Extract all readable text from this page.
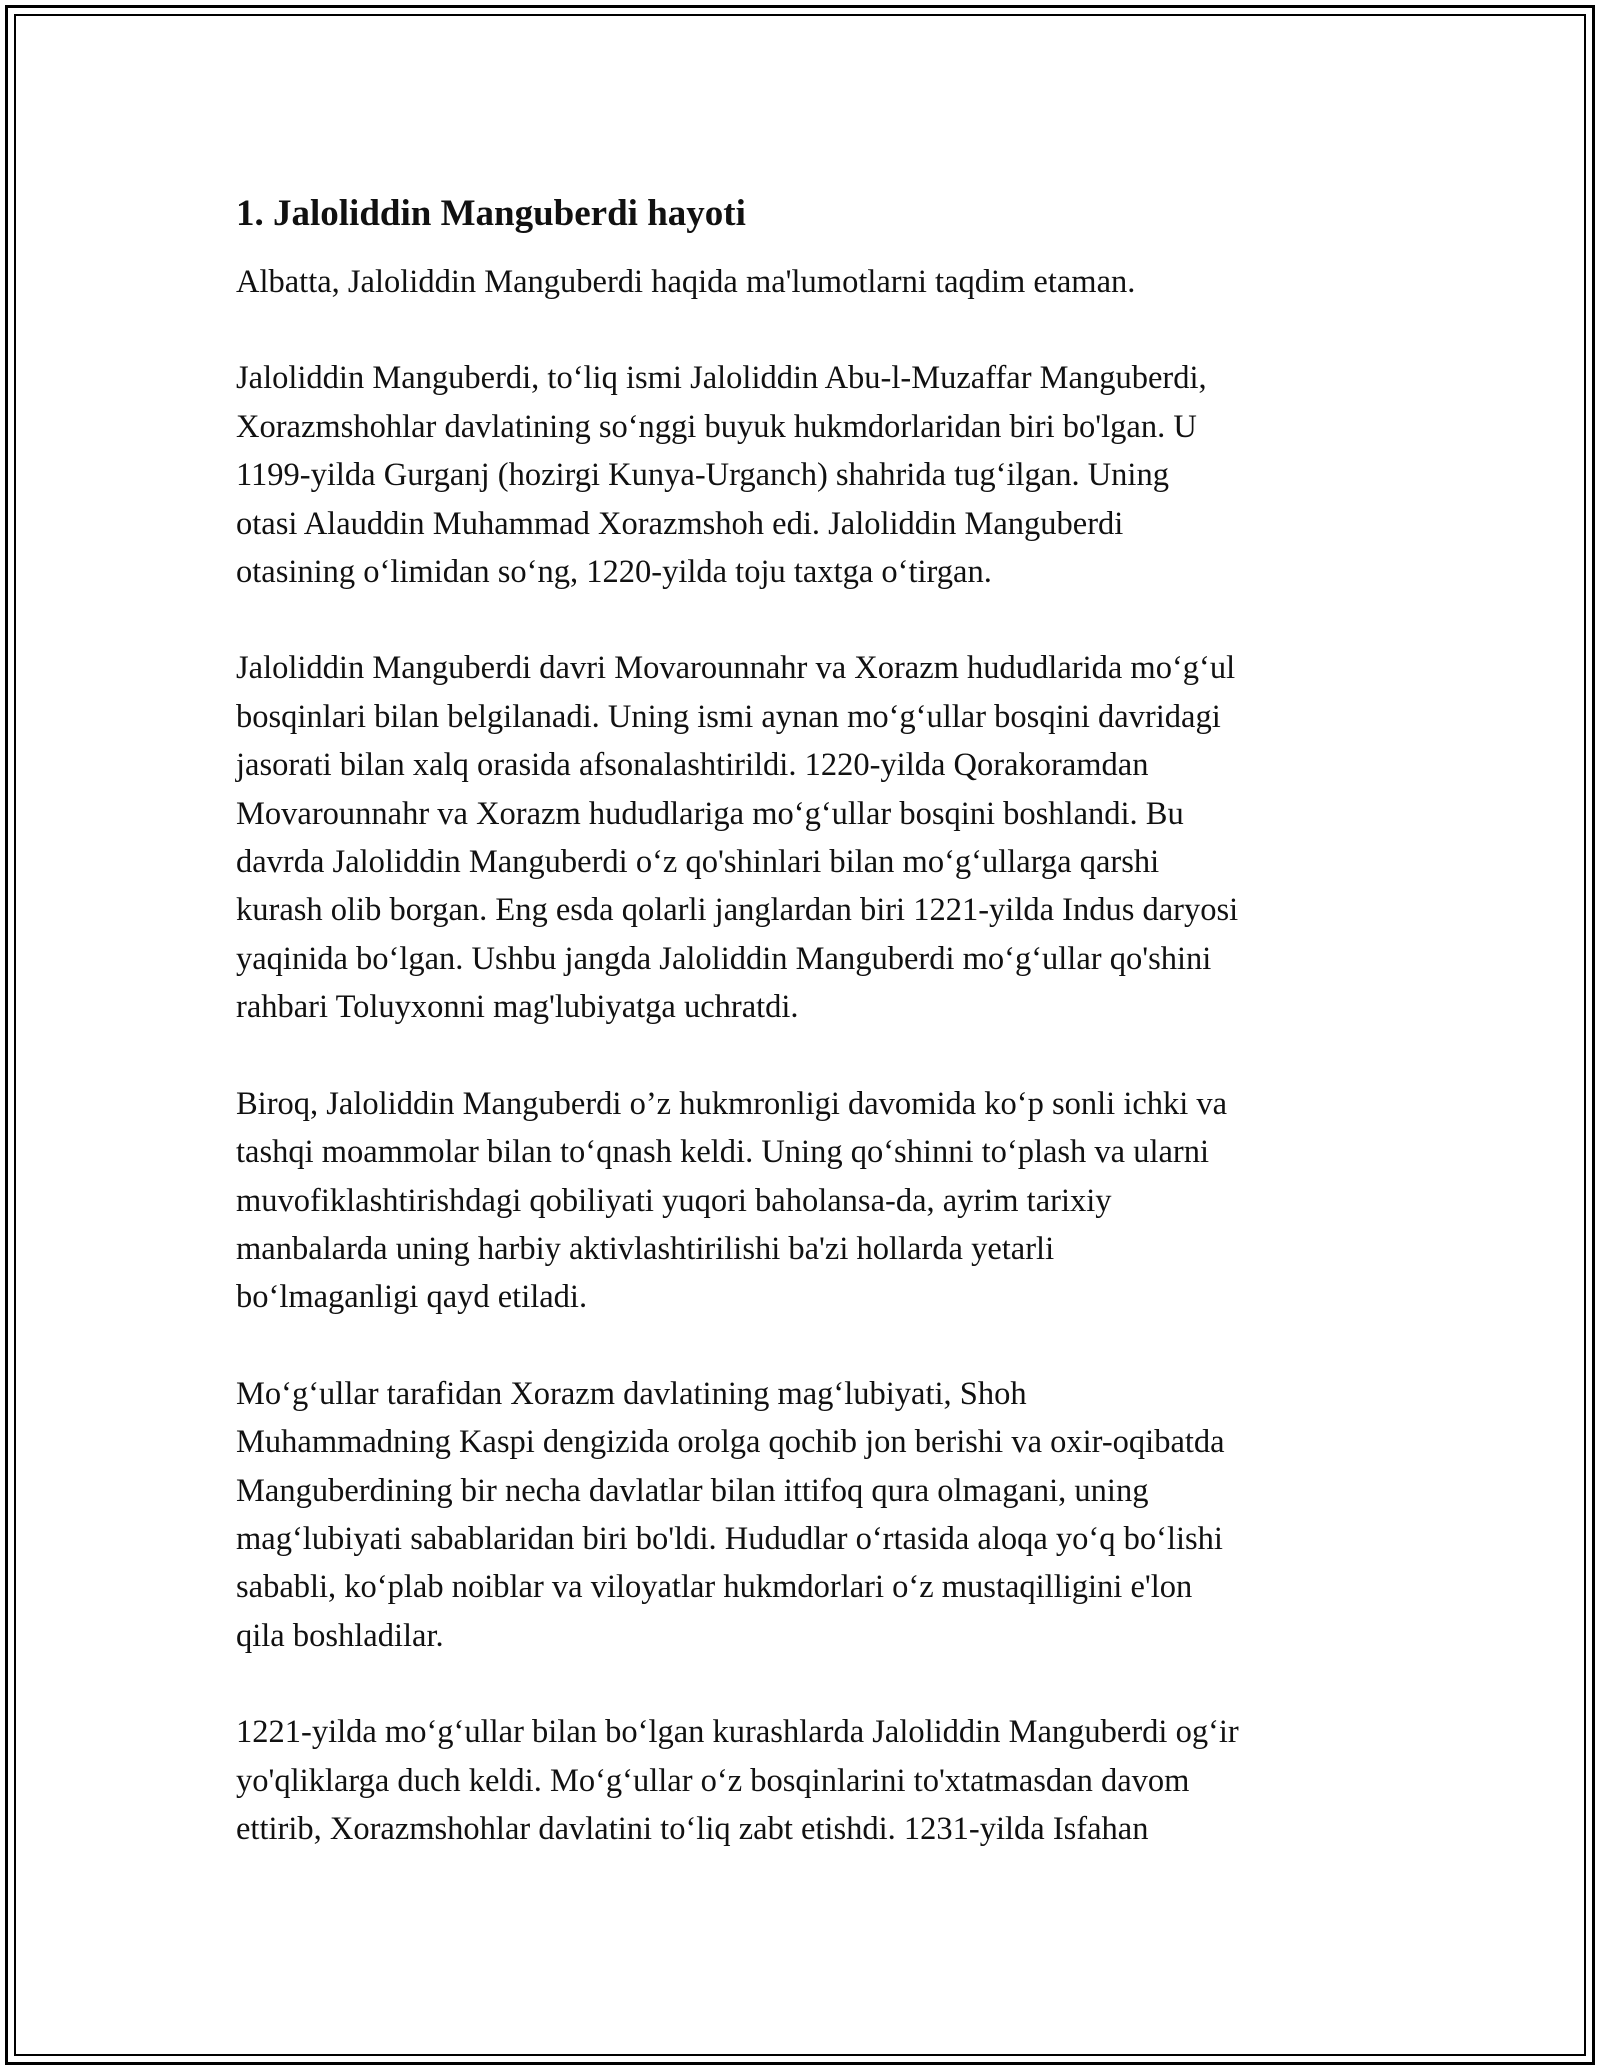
1. Jaloliddin Manguberdi hayoti
Albatta, Jaloliddin Manguberdi haqida ma'lumotlarni taqdim etaman.
Jaloliddin Manguberdi, to‘liq ismi Jaloliddin Abu-l-Muzaffar Manguberdi,
Xorazmshohlar davlatining so‘nggi buyuk hukmdorlaridan biri bo'lgan. U
1199-yilda Gurganj (hozirgi Kunya-Urganch) shahrida tug‘ilgan. Uning
otasi Alauddin Muhammad Xorazmshoh edi. Jaloliddin Manguberdi
otasining o‘limidan so‘ng, 1220-yilda toju taxtga o‘tirgan.
Jaloliddin Manguberdi davri Movarounnahr va Xorazm hududlarida mo‘g‘ul
bosqinlari bilan belgilanadi. Uning ismi aynan mo‘g‘ullar bosqini davridagi
jasorati bilan xalq orasida afsonalashtirildi. 1220-yilda Qorakoramdan
Movarounnahr va Xorazm hududlariga mo‘g‘ullar bosqini boshlandi. Bu
davrda Jaloliddin Manguberdi o‘z qo'shinlari bilan mo‘g‘ullarga qarshi
kurash olib borgan. Eng esda qolarli janglardan biri 1221-yilda Indus daryosi
yaqinida bo‘lgan. Ushbu jangda Jaloliddin Manguberdi mo‘g‘ullar qo'shini
rahbari Toluyxonni mag'lubiyatga uchratdi.
Biroq, Jaloliddin Manguberdi o’z hukmronligi davomida ko‘p sonli ichki va
tashqi moammolar bilan to‘qnash keldi. Uning qo‘shinni to‘plash va ularni
muvofiklashtirishdagi qobiliyati yuqori baholansa-da, ayrim tarixiy
manbalarda uning harbiy aktivlashtirilishi ba'zi hollarda yetarli
bo‘lmaganligi qayd etiladi.
Mo‘g‘ullar tarafidan Xorazm davlatining mag‘lubiyati, Shoh
Muhammadning Kaspi dengizida orolga qochib jon berishi va oxir-oqibatda
Manguberdining bir necha davlatlar bilan ittifoq qura olmagani, uning
mag‘lubiyati sabablaridan biri bo'ldi. Hududlar o‘rtasida aloqa yo‘q bo‘lishi
sababli, ko‘plab noiblar va viloyatlar hukmdorlari o‘z mustaqilligini e'lon
qila boshladilar.
1221-yilda mo‘g‘ullar bilan bo‘lgan kurashlarda Jaloliddin Manguberdi og‘ir
yo'qliklarga duch keldi. Mo‘g‘ullar o‘z bosqinlarini to'xtatmasdan davom
ettirib, Xorazmshohlar davlatini to‘liq zabt etishdi. 1231-yilda Isfahan
